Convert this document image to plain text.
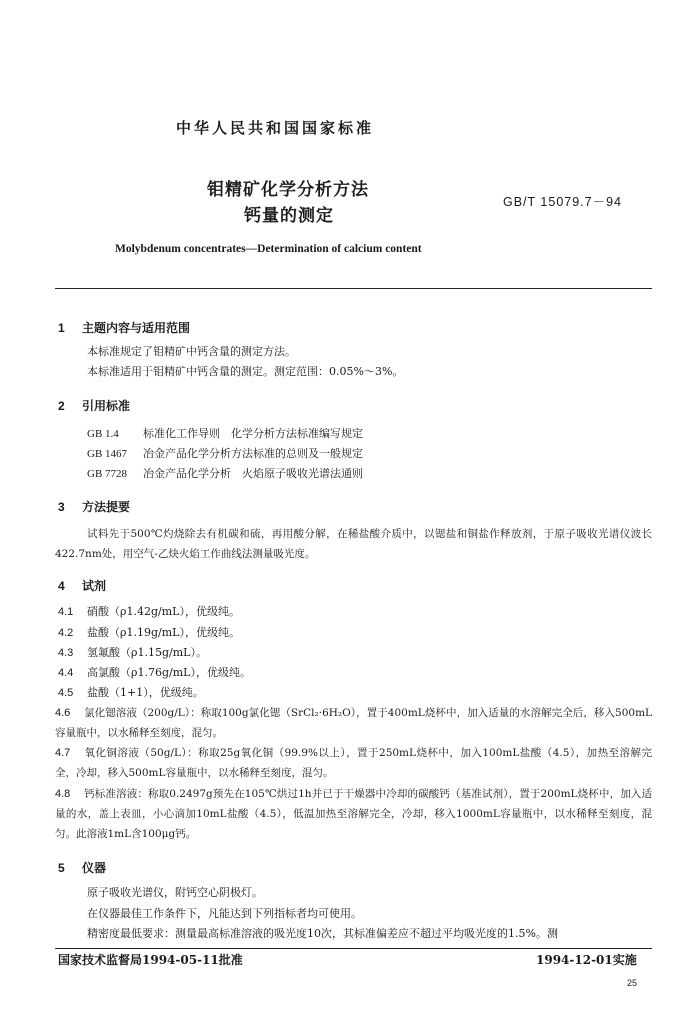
中华人民共和国国家标准
钼精矿化学分析方法
钙量的测定
GB/T 15079.7－94
Molybdenum concentrates—Determination of calcium content
1 主题内容与适用范围
本标准规定了钼精矿中钙含量的测定方法。
本标准适用于钼精矿中钙含量的测定。测定范围：0.05%～3%。
2 引用标准
GB 1.4 标准化工作导则　化学分析方法标准编写规定
GB 1467 冶金产品化学分析方法标准的总则及一般规定
GB 7728 冶金产品化学分析　火焰原子吸收光谱法通则
3 方法提要
试料先于500℃灼烧除去有机碳和硫，再用酸分解，在稀盐酸介质中，以锶盐和铜盐作释放剂，于原子吸收光谱仪波长422.7nm处，用空气-乙炔火焰工作曲线法测量吸光度。
4 试剂
4.1 硝酸（ρ1.42g/mL），优级纯。
4.2 盐酸（ρ1.19g/mL），优级纯。
4.3 氢氟酸（ρ1.15g/mL）。
4.4 高氯酸（ρ1.76g/mL），优级纯。
4.5 盐酸（1+1），优级纯。
4.6 氯化锶溶液（200g/L）：称取100g氯化锶（SrCl₂·6H₂O），置于400mL烧杯中，加入适量的水溶解完全后，移入500mL容量瓶中，以水稀释至刻度，混匀。
4.7 氧化铜溶液（50g/L）：称取25g氧化铜（99.9%以上），置于250mL烧杯中，加入100mL盐酸（4.5），加热至溶解完全，冷却，移入500mL容量瓶中，以水稀释至刻度，混匀。
4.8 钙标准溶液：称取0.2497g预先在105℃烘过1h并已于干燥器中冷却的碳酸钙（基准试剂），置于200mL烧杯中，加入适量的水，盖上表皿，小心滴加10mL盐酸（4.5），低温加热至溶解完全，冷却，移入1000mL容量瓶中，以水稀释至刻度，混匀。此溶液1mL含100μg钙。
5 仪器
原子吸收光谱仪，附钙空心阴极灯。
在仪器最佳工作条件下，凡能达到下列指标者均可使用。
精密度最低要求：测量最高标准溶液的吸光度10次，其标准偏差应不超过平均吸光度的1.5%。测
国家技术监督局1994-05-11批准	1994-12-01实施
25
